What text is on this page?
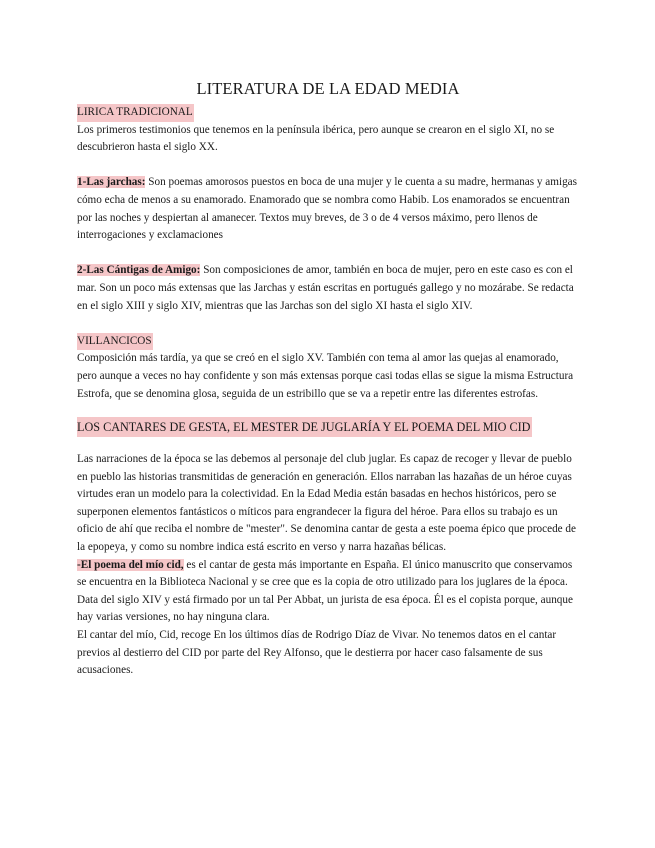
LITERATURA DE LA EDAD MEDIA

LIRICA TRADICIONAL

Los primeros testimonios que tenemos en la península ibérica, pero aunque se crearon en el siglo XI, no se descubrieron hasta el siglo XX.

1-Las jarchas: Son poemas amorosos puestos en boca de una mujer y le cuenta a su madre, hermanas y amigas cómo echa de menos a su enamorado. Enamorado que se nombra como Habib. Los enamorados se encuentran por las noches y despiertan al amanecer. Textos muy breves, de 3 o de 4 versos máximo, pero llenos de interrogaciones y exclamaciones

2-Las Cántigas de Amigo: Son composiciones de amor, también en boca de mujer, pero en este caso es con el mar. Son un poco más extensas que las Jarchas y están escritas en portugués gallego y no mozárabe. Se redacta en el siglo XIII y siglo XIV, mientras que las Jarchas son del siglo XI hasta el siglo XIV.

VILLANCICOS

Composición más tardía, ya que se creó en el siglo XV. También con tema al amor las quejas al enamorado, pero aunque a veces no hay confidente y son más extensas porque casi todas ellas se sigue la misma Estructura Estrofa, que se denomina glosa, seguida de un estribillo que se va a repetir entre las diferentes estrofas.

LOS CANTARES DE GESTA, EL MESTER DE JUGLARÍA Y EL POEMA DEL MIO CID

Las narraciones de la época se las debemos al personaje del club juglar. Es capaz de recoger y llevar de pueblo en pueblo las historias transmitidas de generación en generación. Ellos narraban las hazañas de un héroe cuyas virtudes eran un modelo para la colectividad. En la Edad Media están basadas en hechos históricos, pero se superponen elementos fantásticos o míticos para engrandecer la figura del héroe. Para ellos su trabajo es un oficio de ahí que reciba el nombre de "mester". Se denomina cantar de gesta a este poema épico que procede de la epopeya, y como su nombre indica está escrito en verso y narra hazañas bélicas.

-El poema del mío cid, es el cantar de gesta más importante en España. El único manuscrito que conservamos se encuentra en la Biblioteca Nacional y se cree que es la copia de otro utilizado para los juglares de la época. Data del siglo XIV y está firmado por un tal Per Abbat, un jurista de esa época. Él es el copista porque, aunque hay varias versiones, no hay ninguna clara.

El cantar del mío, Cid, recoge En los últimos días de Rodrigo Díaz de Vivar. No tenemos datos en el cantar previos al destierro del CID por parte del Rey Alfonso, que le destierra por hacer caso falsamente de sus acusaciones.
